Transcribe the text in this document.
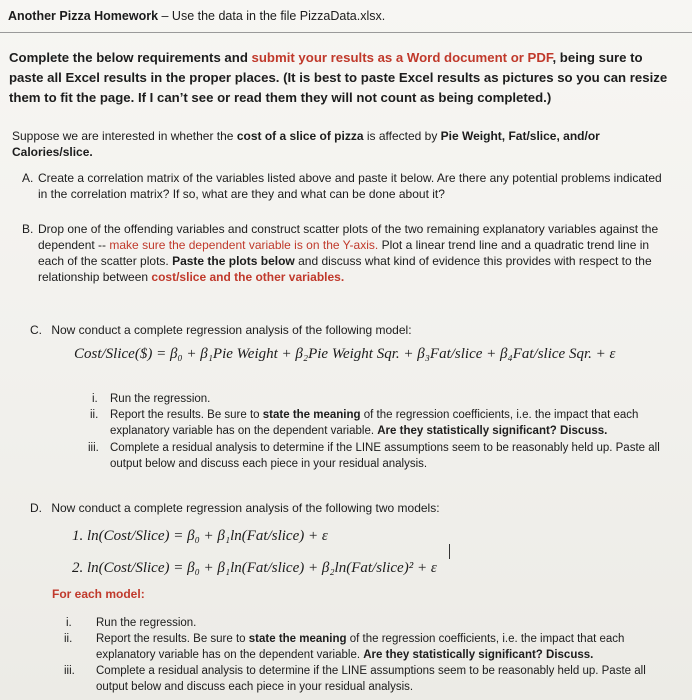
Another Pizza Homework – Use the data in the file PizzaData.xlsx.
Complete the below requirements and submit your results as a Word document or PDF, being sure to paste all Excel results in the proper places. (It is best to paste Excel results as pictures so you can resize them to fit the page. If I can’t see or read them they will not count as being completed.)
Suppose we are interested in whether the cost of a slice of pizza is affected by Pie Weight, Fat/slice, and/or Calories/slice.
A. Create a correlation matrix of the variables listed above and paste it below. Are there any potential problems indicated in the correlation matrix? If so, what are they and what can be done about it?
B. Drop one of the offending variables and construct scatter plots of the two remaining explanatory variables against the dependent -- make sure the dependent variable is on the Y-axis. Plot a linear trend line and a quadratic trend line in each of the scatter plots. Paste the plots below and discuss what kind of evidence this provides with respect to the relationship between cost/slice and the other variables.
C. Now conduct a complete regression analysis of the following model:
Cost/Slice($) = β₀ + β₁Pie Weight + β₂Pie Weight Sqr. + β₃Fat/slice + β₄Fat/slice Sqr. + ε
i. Run the regression.
ii. Report the results. Be sure to state the meaning of the regression coefficients, i.e. the impact that each explanatory variable has on the dependent variable. Are they statistically significant? Discuss.
iii. Complete a residual analysis to determine if the LINE assumptions seem to be reasonably held up. Paste all output below and discuss each piece in your residual analysis.
D. Now conduct a complete regression analysis of the following two models:
1. ln(Cost/Slice) = β₀ + β₁ln(Fat/slice) + ε
2. ln(Cost/Slice) = β₀ + β₁ln(Fat/slice) + β₂ln(Fat/slice)² + ε
For each model:
i. Run the regression.
ii. Report the results. Be sure to state the meaning of the regression coefficients, i.e. the impact that each explanatory variable has on the dependent variable. Are they statistically significant? Discuss.
iii. Complete a residual analysis to determine if the LINE assumptions seem to be reasonably held up. Paste all output below and discuss each piece in your residual analysis.
